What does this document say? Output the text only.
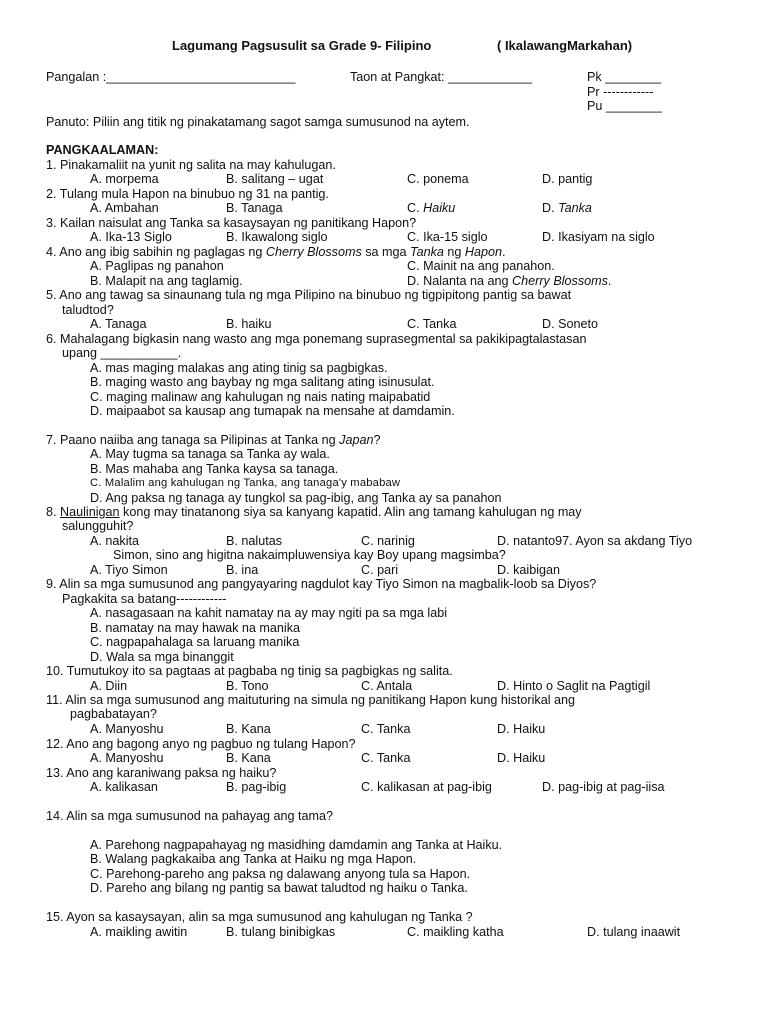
Lagumang Pagsusulit sa Grade 9- Filipino	( IkalawangMarkahan)
Pangalan :___________________________	Taon at Pangkat: ____________	Pk ________
Pr ------------
Pu ________
Panuto: Piliin ang titik ng pinakatamang sagot samga sumusunod na aytem.
PANGKAALAMAN:
1. Pinakamaliit na yunit ng salita na may kahulugan.
A. morpema	B. salitang – ugat	C. ponema	D. pantig
2. Tulang mula Hapon na binubuo ng 31 na pantig.
A. Ambahan	B. Tanaga	C. Haiku	D. Tanka
3. Kailan naisulat ang Tanka sa kasaysayan ng panitikang Hapon?
A. Ika-13 Siglo	B. Ikawalong siglo	C. Ika-15 siglo	D. Ikasiyam na siglo
4. Ano ang ibig sabihin ng paglagas ng Cherry Blossoms sa mga Tanka ng Hapon.
A. Paglipas ng panahon	C. Mainit na ang panahon.
B. Malapit na ang taglamig.	D. Nalanta na ang Cherry Blossoms.
5. Ano ang tawag sa sinaunang tula ng mga Pilipino na binubuo ng tigpipitong pantig sa bawat
taludtod?
A. Tanaga	B. haiku	C. Tanka	D. Soneto
6. Mahalagang bigkasin nang wasto ang mga ponemang suprasegmental sa pakikipagtalastasan
upang ___________.
A. mas maging malakas ang ating tinig sa pagbigkas.
B. maging wasto ang baybay ng mga salitang ating isinusulat.
C. maging malinaw ang kahulugan ng nais nating maipabatid
D. maipaabot sa kausap ang tumapak na mensahe at damdamin.
7. Paano naiiba ang tanaga sa Pilipinas at Tanka ng Japan?
A. May tugma sa tanaga sa Tanka ay wala.
B. Mas mahaba ang Tanka kaysa sa tanaga.
C. Malalim ang kahulugan ng Tanka, ang tanaga'y mababaw
D. Ang paksa ng tanaga ay tungkol sa pag-ibig, ang Tanka ay sa panahon
8. Naulinigan kong may tinatanong siya sa kanyang kapatid. Alin ang tamang kahulugan ng may
salungguhit?
A. nakita	B. nalutas	C. narinig	D. natanto97. Ayon sa akdang Tiyo
Simon, sino ang higitna nakaimpluwensiya kay Boy upang magsimba?
A. Tiyo Simon	B. ina	C. pari	D. kaibigan
9. Alin sa mga sumusunod ang pangyayaring nagdulot kay Tiyo Simon na magbalik-loob sa Diyos?
Pagkakita sa batang------------
A. nasagasaan na kahit namatay na ay may ngiti pa sa mga labi
B. namatay na may hawak na manika
C. nagpapahalaga sa laruang manika
D. Wala sa mga binanggit
10. Tumutukoy ito sa pagtaas at pagbaba ng tinig sa pagbigkas ng salita.
A. Diin	B. Tono	C. Antala	D. Hinto o Saglit na Pagtigil
11. Alin sa mga sumusunod ang maituturing na simula ng panitikang Hapon kung historikal ang
pagbabatayan?
A. Manyoshu	B. Kana	C. Tanka	D. Haiku
12. Ano ang bagong anyo ng pagbuo ng tulang Hapon?
A. Manyoshu	B. Kana	C. Tanka	D. Haiku
13. Ano ang karaniwang paksa ng haiku?
A. kalikasan	B. pag-ibig	C. kalikasan at pag-ibig	D. pag-ibig at pag-iisa
14. Alin sa mga sumusunod na pahayag ang tama?
A. Parehong nagpapahayag ng masidhing damdamin ang Tanka at Haiku.
B. Walang pagkakaiba ang Tanka at Haiku ng mga Hapon.
C. Parehong-pareho ang paksa ng dalawang anyong tula sa Hapon.
D. Pareho ang bilang ng pantig sa bawat taludtod ng haiku o Tanka.
15. Ayon sa kasaysayan, alin sa mga sumusunod ang kahulugan ng Tanka ?
A. maikling awitin	B. tulang binibigkas	C. maikling katha	D. tulang inaawit
